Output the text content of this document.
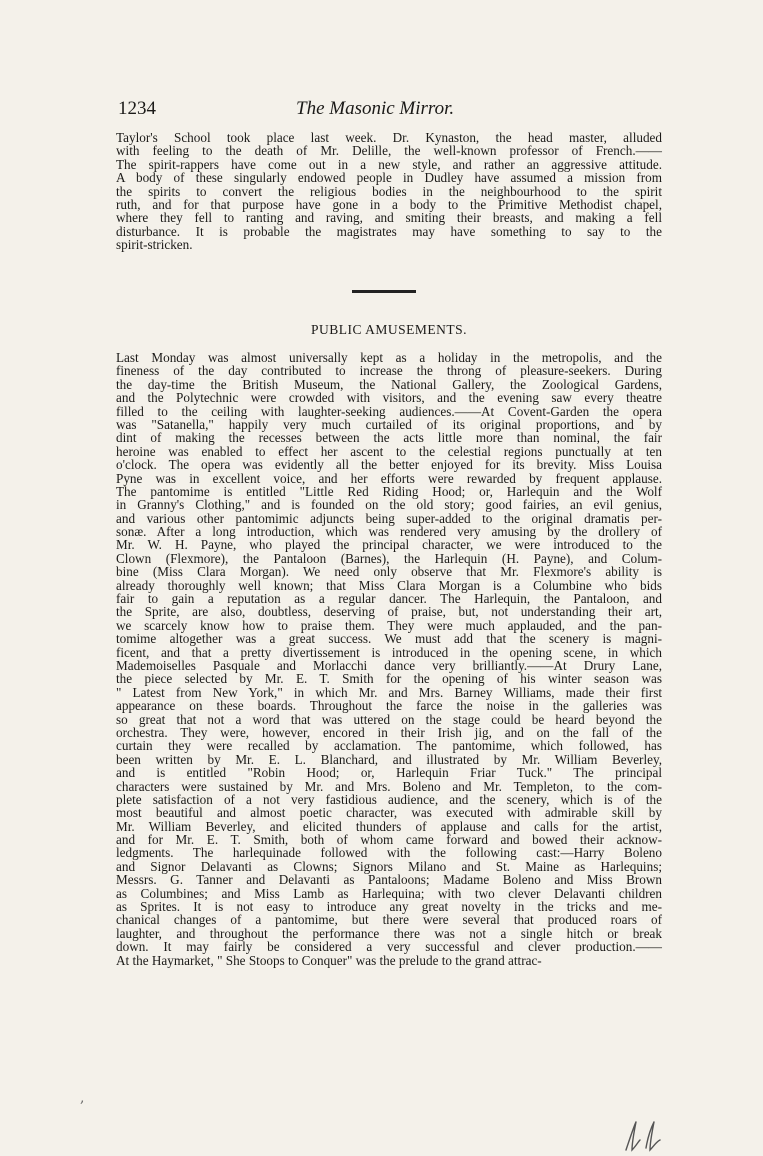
1234	The Masonic Mirror.
Taylor's School took place last week. Dr. Kynaston, the head master, alluded
with feeling to the death of Mr. Delille, the well-known professor of French.——
The spirit-rappers have come out in a new style, and rather an aggressive attitude.
A body of these singularly endowed people in Dudley have assumed a mission from
the spirits to convert the religious bodies in the neighbourhood to the spirit
ruth, and for that purpose have gone in a body to the Primitive Methodist chapel,
where they fell to ranting and raving, and smiting their breasts, and making a fell
disturbance. It is probable the magistrates may have something to say to the
spirit-stricken.
PUBLIC AMUSEMENTS.
Last Monday was almost universally kept as a holiday in the metropolis, and the
fineness of the day contributed to increase the throng of pleasure-seekers. During
the day-time the British Museum, the National Gallery, the Zoological Gardens,
and the Polytechnic were crowded with visitors, and the evening saw every theatre
filled to the ceiling with laughter-seeking audiences.——At Covent-Garden the opera
was "Satanella," happily very much curtailed of its original proportions, and by
dint of making the recesses between the acts little more than nominal, the fair
heroine was enabled to effect her ascent to the celestial regions punctually at ten
o'clock. The opera was evidently all the better enjoyed for its brevity. Miss Louisa
Pyne was in excellent voice, and her efforts were rewarded by frequent applause.
The pantomime is entitled "Little Red Riding Hood; or, Harlequin and the Wolf
in Granny's Clothing," and is founded on the old story; good fairies, an evil genius,
and various other pantomimic adjuncts being super-added to the original dramatis per-
sonæ. After a long introduction, which was rendered very amusing by the drollery of
Mr. W. H. Payne, who played the principal character, we were introduced to the
Clown (Flexmore), the Pantaloon (Barnes), the Harlequin (H. Payne), and Colum-
bine (Miss Clara Morgan). We need only observe that Mr. Flexmore's ability is
already thoroughly well known; that Miss Clara Morgan is a Columbine who bids
fair to gain a reputation as a regular dancer. The Harlequin, the Pantaloon, and
the Sprite, are also, doubtless, deserving of praise, but, not understanding their art,
we scarcely know how to praise them. They were much applauded, and the pan-
tomime altogether was a great success. We must add that the scenery is magni-
ficent, and that a pretty divertissement is introduced in the opening scene, in which
Mademoiselles Pasquale and Morlacchi dance very brilliantly.——At Drury Lane,
the piece selected by Mr. E. T. Smith for the opening of his winter season was
" Latest from New York," in which Mr. and Mrs. Barney Williams, made their first
appearance on these boards. Throughout the farce the noise in the galleries was
so great that not a word that was uttered on the stage could be heard beyond the
orchestra. They were, however, encored in their Irish jig, and on the fall of the
curtain they were recalled by acclamation. The pantomime, which followed, has
been written by Mr. E. L. Blanchard, and illustrated by Mr. William Beverley,
and is entitled "Robin Hood; or, Harlequin Friar Tuck." The principal
characters were sustained by Mr. and Mrs. Boleno and Mr. Templeton, to the com-
plete satisfaction of a not very fastidious audience, and the scenery, which is of the
most beautiful and almost poetic character, was executed with admirable skill by
Mr. William Beverley, and elicited thunders of applause and calls for the artist,
and for Mr. E. T. Smith, both of whom came forward and bowed their acknow-
ledgments. The harlequinade followed with the following cast:—Harry Boleno
and Signor Delavanti as Clowns; Signors Milano and St. Maine as Harlequins;
Messrs. G. Tanner and Delavanti as Pantaloons; Madame Boleno and Miss Brown
as Columbines; and Miss Lamb as Harlequina; with two clever Delavanti children
as Sprites. It is not easy to introduce any great novelty in the tricks and me-
chanical changes of a pantomime, but there were several that produced roars of
laughter, and throughout the performance there was not a single hitch or break
down. It may fairly be considered a very successful and clever production.——
At the Haymarket, " She Stoops to Conquer" was the prelude to the grand attrac-
,
